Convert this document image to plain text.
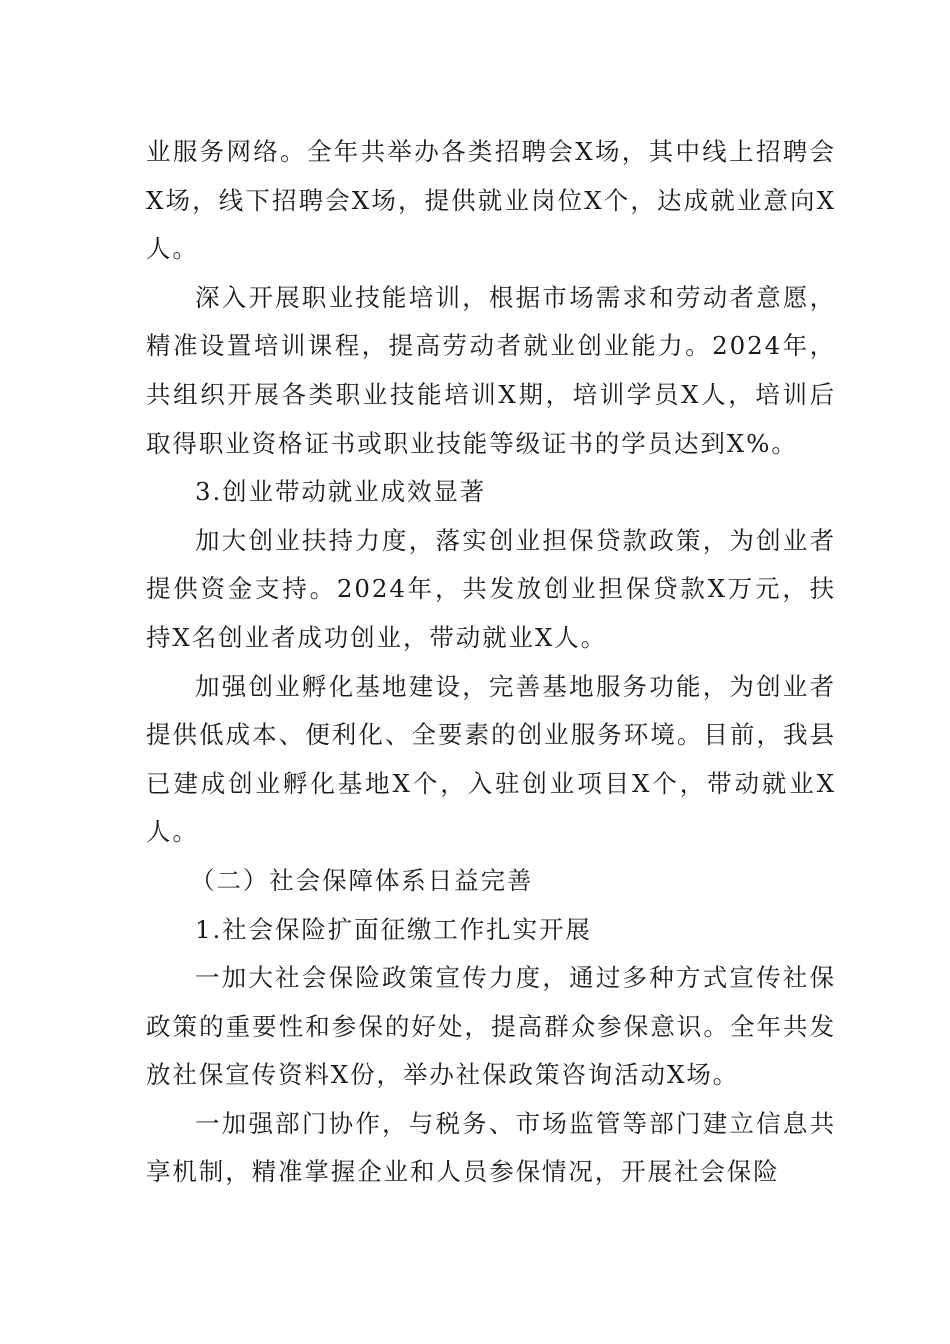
业服务网络。全年共举办各类招聘会X场，其中线上招聘会X场，线下招聘会X场，提供就业岗位X个，达成就业意向X人。

深入开展职业技能培训，根据市场需求和劳动者意愿，精准设置培训课程，提高劳动者就业创业能力。2024年，共组织开展各类职业技能培训X期，培训学员X人，培训后取得职业资格证书或职业技能等级证书的学员达到X%。

3.创业带动就业成效显著

加大创业扶持力度，落实创业担保贷款政策，为创业者提供资金支持。2024年，共发放创业担保贷款X万元，扶持X名创业者成功创业，带动就业X人。

加强创业孵化基地建设，完善基地服务功能，为创业者提供低成本、便利化、全要素的创业服务环境。目前，我县已建成创业孵化基地X个，入驻创业项目X个，带动就业X人。

（二）社会保障体系日益完善

1.社会保险扩面征缴工作扎实开展

一加大社会保险政策宣传力度，通过多种方式宣传社保政策的重要性和参保的好处，提高群众参保意识。全年共发放社保宣传资料X份，举办社保政策咨询活动X场。

一加强部门协作，与税务、市场监管等部门建立信息共享机制，精准掌握企业和人员参保情况，开展社会保险
